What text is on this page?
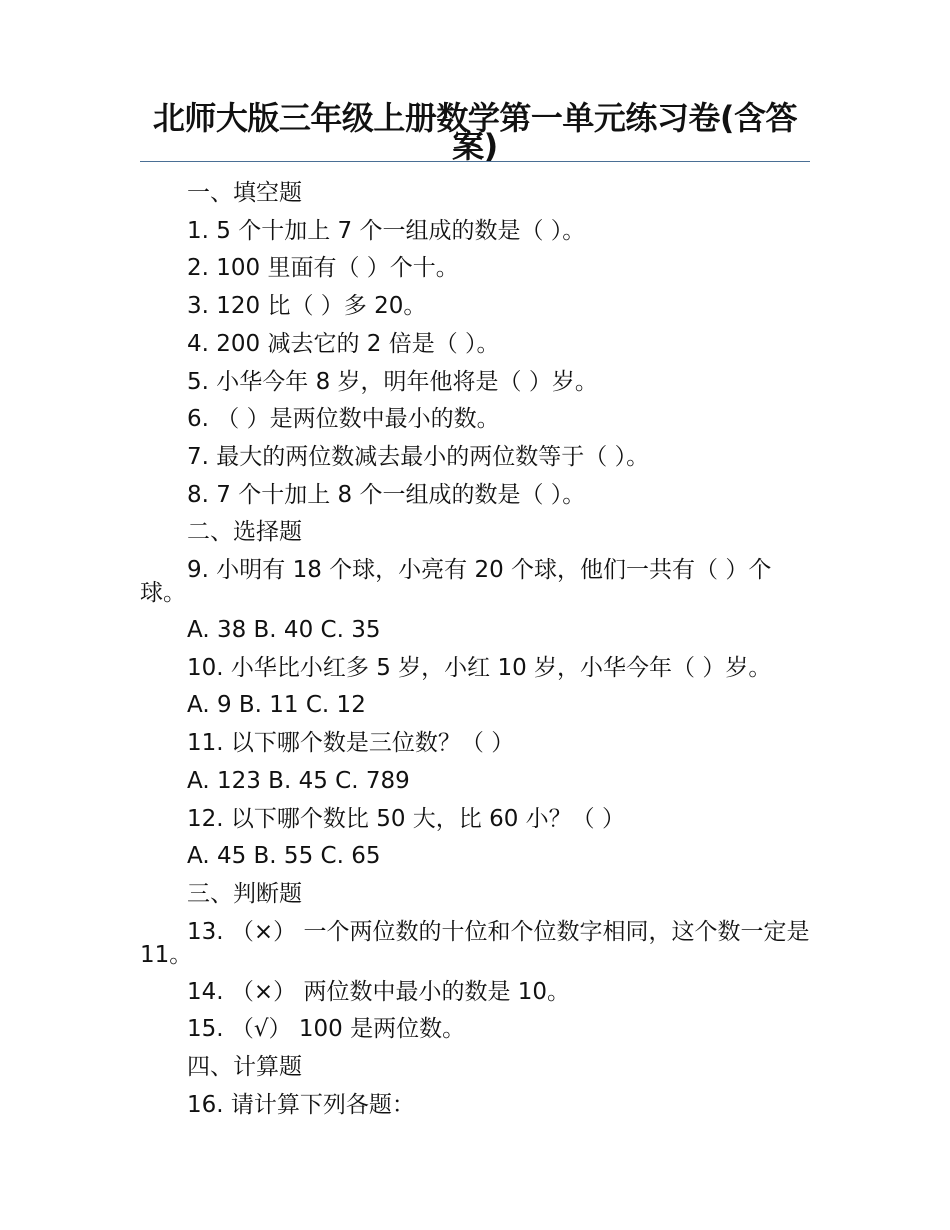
北师大版三年级上册数学第一单元练习卷(含答案)

一、填空题

1. 5 个十加上 7 个一组成的数是（ ）。

2. 100 里面有（ ）个十。

3. 120 比（ ）多 20。

4. 200 减去它的 2 倍是（ ）。

5. 小华今年 8 岁，明年他将是（ ）岁。

6. （ ）是两位数中最小的数。

7. 最大的两位数减去最小的两位数等于（ ）。

8. 7 个十加上 8 个一组成的数是（ ）。

二、选择题

9. 小明有 18 个球，小亮有 20 个球，他们一共有（ ）个球。

A. 38 B. 40 C. 35

10. 小华比小红多 5 岁，小红 10 岁，小华今年（ ）岁。

A. 9 B. 11 C. 12

11. 以下哪个数是三位数？（ ）

A. 123 B. 45 C. 789

12. 以下哪个数比 50 大，比 60 小？（ ）

A. 45 B. 55 C. 65

三、判断题

13. （×） 一个两位数的十位和个位数字相同，这个数一定是 11。

14. （×） 两位数中最小的数是 10。

15. （√） 100 是两位数。

四、计算题

16. 请计算下列各题：
